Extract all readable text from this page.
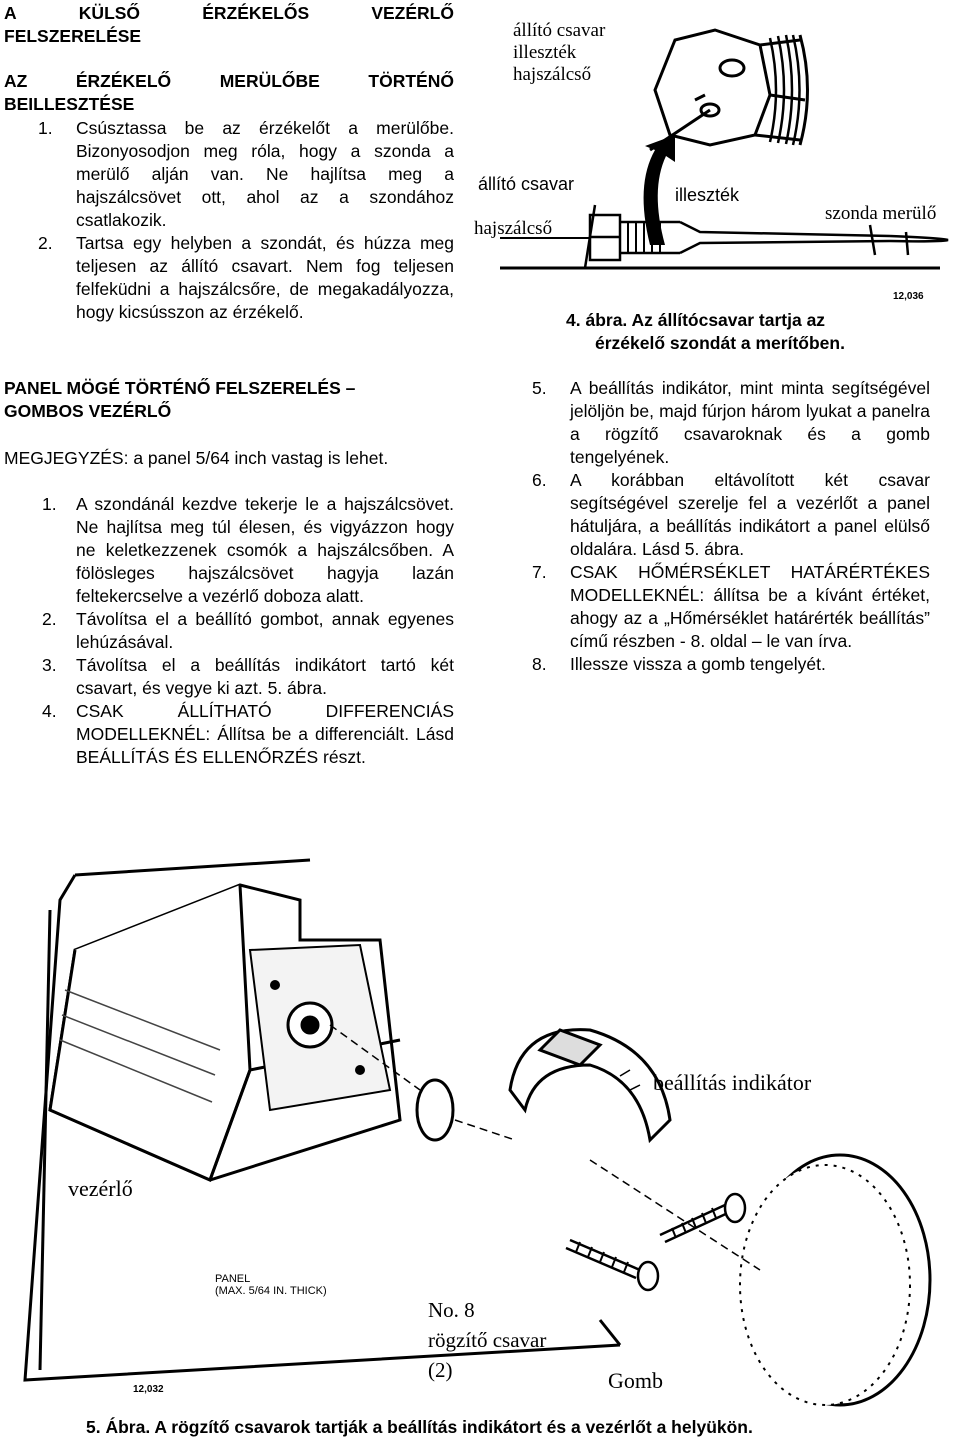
A	KÜLSŐ	ÉRZÉKELŐS	VEZÉRLŐ
FELSZERELÉSE
AZ	ÉRZÉKELŐ	MERÜLŐBE	TÖRTÉNŐ
BEILLESZTÉSE
1.	Csúsztassa be az érzékelőt a merülőbe. Bizonyosodjon meg róla, hogy a szonda a merülő alján van. Ne hajlítsa meg a hajszálcsövet ott, ahol az a szondához csatlakozik.
2.	Tartsa egy helyben a szondát, és húzza meg teljesen az állító csavart. Nem fog teljesen felfeküdni a hajszálcsőre, de megakadályozza, hogy kicsússzon az érzékelő.
PANEL MÖGÉ TÖRTÉNŐ FELSZERELÉS –
GOMBOS VEZÉRLŐ
MEGJEGYZÉS: a panel 5/64 inch vastag is lehet.
1.	A szondánál kezdve tekerje le a hajszálcsövet. Ne hajlítsa meg túl élesen, és vigyázzon hogy ne keletkezzenek csomók a hajszálcsőben. A fölösleges hajszálcsövet hagyja lazán feltekercselve a vezérlő doboza alatt.
2.	Távolítsa el a beállító gombot, annak egyenes lehúzásával.
3.	Távolítsa el a beállítás indikátort tartó két csavart, és vegye ki azt. 5. ábra.
4.	CSAK ÁLLÍTHATÓ DIFFERENCIÁS MODELLEKNÉL: Állítsa be a differenciált. Lásd BEÁLLÍTÁS ÉS ELLENŐRZÉS részt.
5.	A beállítás indikátor, mint minta segítségével jelöljön be, majd fúrjon három lyukat a panelra a rögzítő csavaroknak és a gomb tengelyének.
6.	A korábban eltávolított két csavar segítségével szerelje fel a vezérlőt a panel hátuljára, a beállítás indikátort a panel elülső oldalára. Lásd 5. ábra.
7.	CSAK HŐMÉRSÉKLET HATÁRÉRTÉKES MODELLEKNÉL: állítsa be a kívánt értéket, ahogy az a „Hőmérséklet határérték beállítás” című részben - 8. oldal – le van írva.
8.	Illessze vissza a gomb tengelyét.
állító csavar
illeszték
hajszálcső
állító csavar
illeszték
hajszálcső
szonda merülő
12,036
4. ábra. Az állítócsavar tartja az
érzékelő szondát a merítőben.
beállítás indikátor
vezérlő
No. 8
rögzítő csavar
(2)	Gomb
PANEL
(MAX. 5/64 IN. THICK)
12,032
5. Ábra. A rögzítő csavarok tartják a beállítás indikátort és a vezérlőt a helyükön.
